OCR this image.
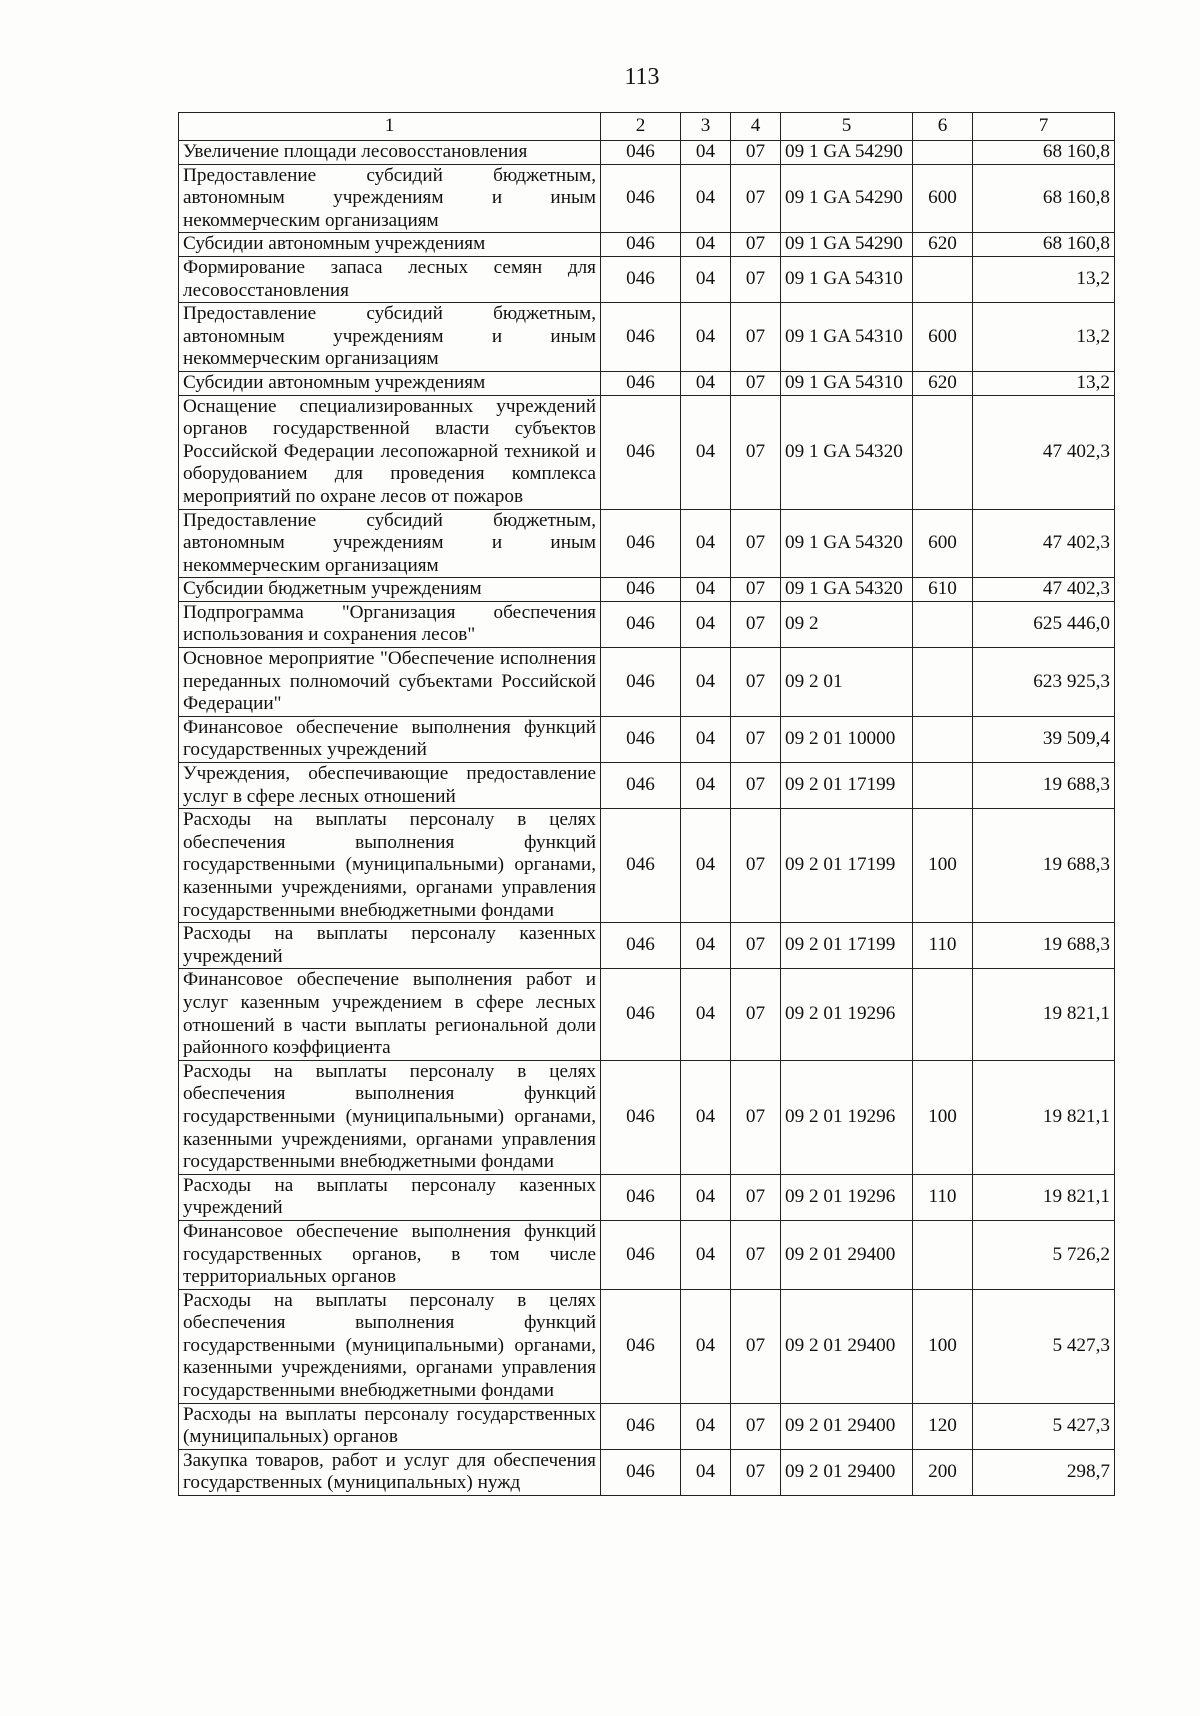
113
1	2	3	4	5	6	7
Увеличение площади лесовосстановления	046	04	07	09 1 GA 54290		68 160,8
Предоставление субсидий бюджетным, автономным учреждениям и иным некоммерческим организациям	046	04	07	09 1 GA 54290	600	68 160,8
Субсидии автономным учреждениям	046	04	07	09 1 GA 54290	620	68 160,8
Формирование запаса лесных семян для лесовосстановления	046	04	07	09 1 GA 54310		13,2
Предоставление субсидий бюджетным, автономным учреждениям и иным некоммерческим организациям	046	04	07	09 1 GA 54310	600	13,2
Субсидии автономным учреждениям	046	04	07	09 1 GA 54310	620	13,2
Оснащение специализированных учреждений органов государственной власти субъектов Российской Федерации лесопожарной техникой и оборудованием для проведения комплекса мероприятий по охране лесов от пожаров	046	04	07	09 1 GA 54320		47 402,3
Предоставление субсидий бюджетным, автономным учреждениям и иным некоммерческим организациям	046	04	07	09 1 GA 54320	600	47 402,3
Субсидии бюджетным учреждениям	046	04	07	09 1 GA 54320	610	47 402,3
Подпрограмма "Организация обеспечения использования и сохранения лесов"	046	04	07	09 2		625 446,0
Основное мероприятие "Обеспечение исполнения переданных полномочий субъектами Российской Федерации"	046	04	07	09 2 01		623 925,3
Финансовое обеспечение выполнения функций государственных учреждений	046	04	07	09 2 01 10000		39 509,4
Учреждения, обеспечивающие предоставление услуг в сфере лесных отношений	046	04	07	09 2 01 17199		19 688,3
Расходы на выплаты персоналу в целях обеспечения выполнения функций государственными (муниципальными) органами, казенными учреждениями, органами управления государственными внебюджетными фондами	046	04	07	09 2 01 17199	100	19 688,3
Расходы на выплаты персоналу казенных учреждений	046	04	07	09 2 01 17199	110	19 688,3
Финансовое обеспечение выполнения работ и услуг казенным учреждением в сфере лесных отношений в части выплаты региональной доли районного коэффициента	046	04	07	09 2 01 19296		19 821,1
Расходы на выплаты персоналу в целях обеспечения выполнения функций государственными (муниципальными) органами, казенными учреждениями, органами управления государственными внебюджетными фондами	046	04	07	09 2 01 19296	100	19 821,1
Расходы на выплаты персоналу казенных учреждений	046	04	07	09 2 01 19296	110	19 821,1
Финансовое обеспечение выполнения функций государственных органов, в том числе территориальных органов	046	04	07	09 2 01 29400		5 726,2
Расходы на выплаты персоналу в целях обеспечения выполнения функций государственными (муниципальными) органами, казенными учреждениями, органами управления государственными внебюджетными фондами	046	04	07	09 2 01 29400	100	5 427,3
Расходы на выплаты персоналу государственных (муниципальных) органов	046	04	07	09 2 01 29400	120	5 427,3
Закупка товаров, работ и услуг для обеспечения государственных (муниципальных) нужд	046	04	07	09 2 01 29400	200	298,7
